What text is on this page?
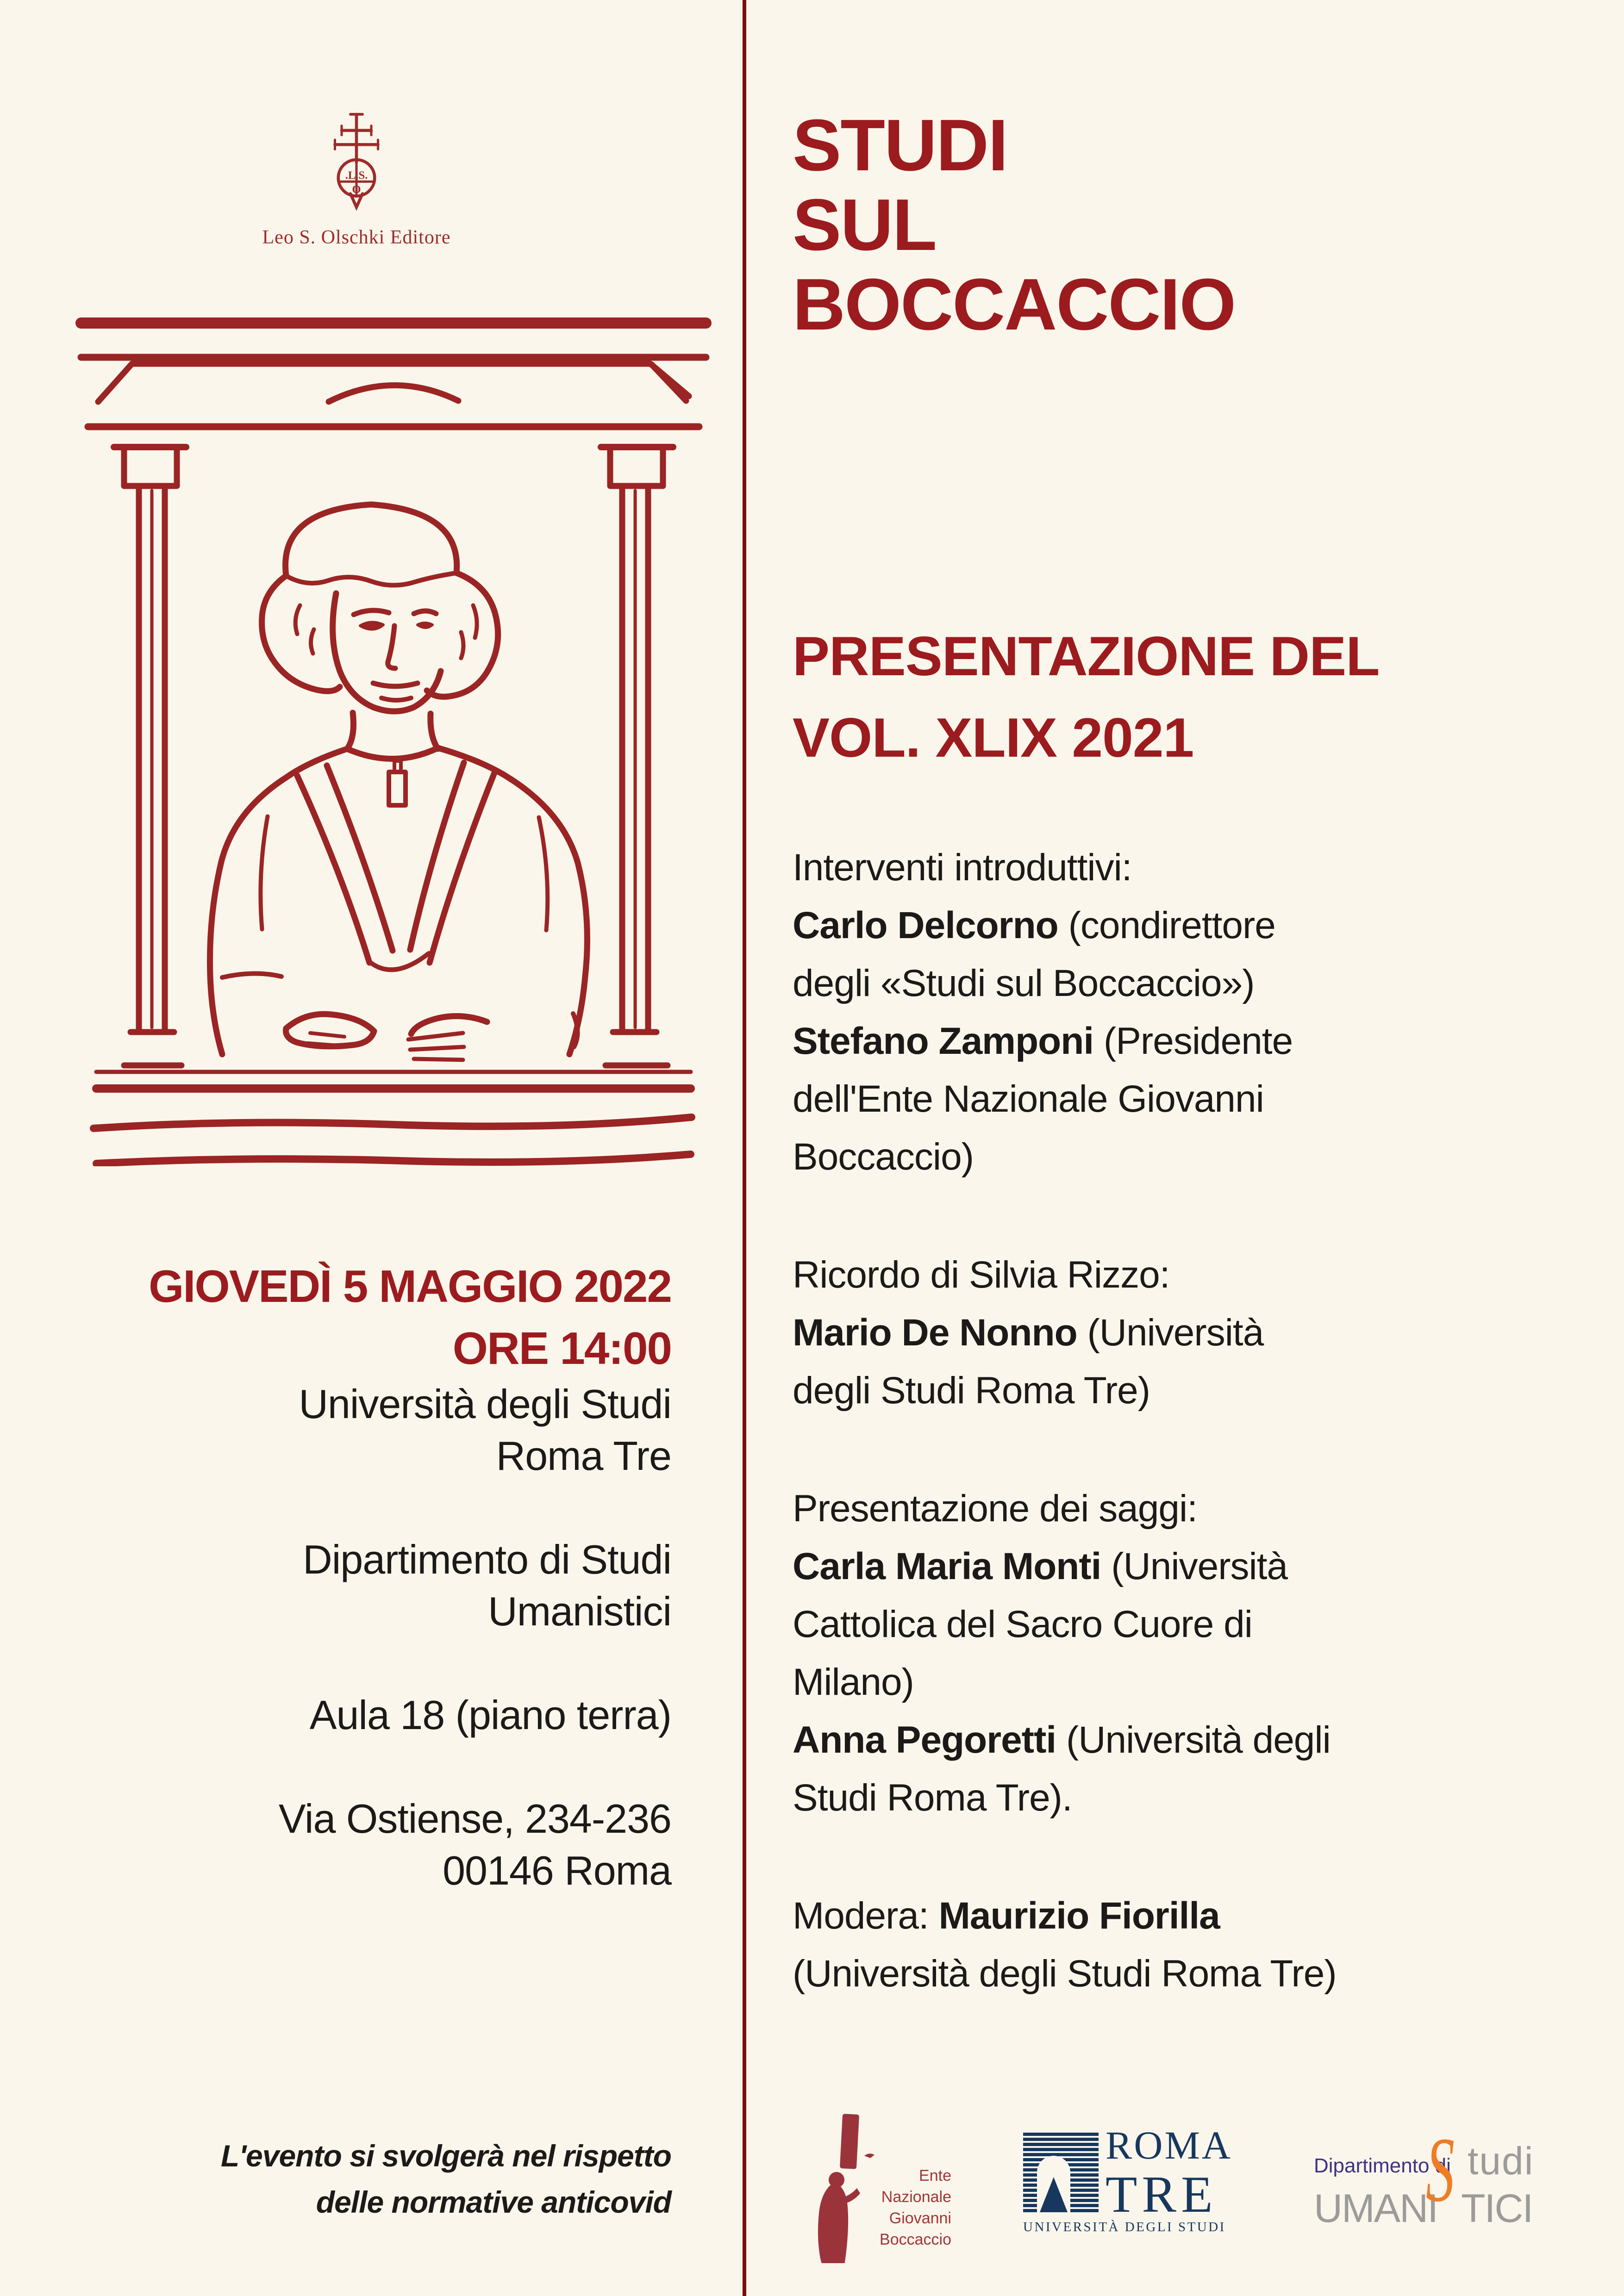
.L.S.
O
Leo S. Olschki Editore
GIOVEDÌ 5 MAGGIO 2022
ORE 14:00

Università degli Studi
Roma Tre

Dipartimento di Studi
Umanistici

Aula 18 (piano terra)

Via Ostiense, 234-236
00146 Roma

L'evento si svolgerà nel rispetto
delle normative anticovid
STUDI
SUL
BOCCACCIO
PRESENTAZIONE DEL
VOL. XLIX 2021

Interventi introduttivi:
Carlo Delcorno (condirettore
degli «Studi sul Boccaccio»)
Stefano Zamponi (Presidente
dell'Ente Nazionale Giovanni
Boccaccio)

Ricordo di Silvia Rizzo:
Mario De Nonno (Università
degli Studi Roma Tre)

Presentazione dei saggi:
Carla Maria Monti (Università
Cattolica del Sacro Cuore di
Milano)
Anna Pegoretti (Università degli
Studi Roma Tre).

Modera: Maurizio Fiorilla
(Università degli Studi Roma Tre)

Ente
Nazionale
Giovanni
Boccaccio
ROMA
TRE
UNIVERSITÀ DEGLI STUDI
Dipartimento di
S tudi
UMANI TICI
